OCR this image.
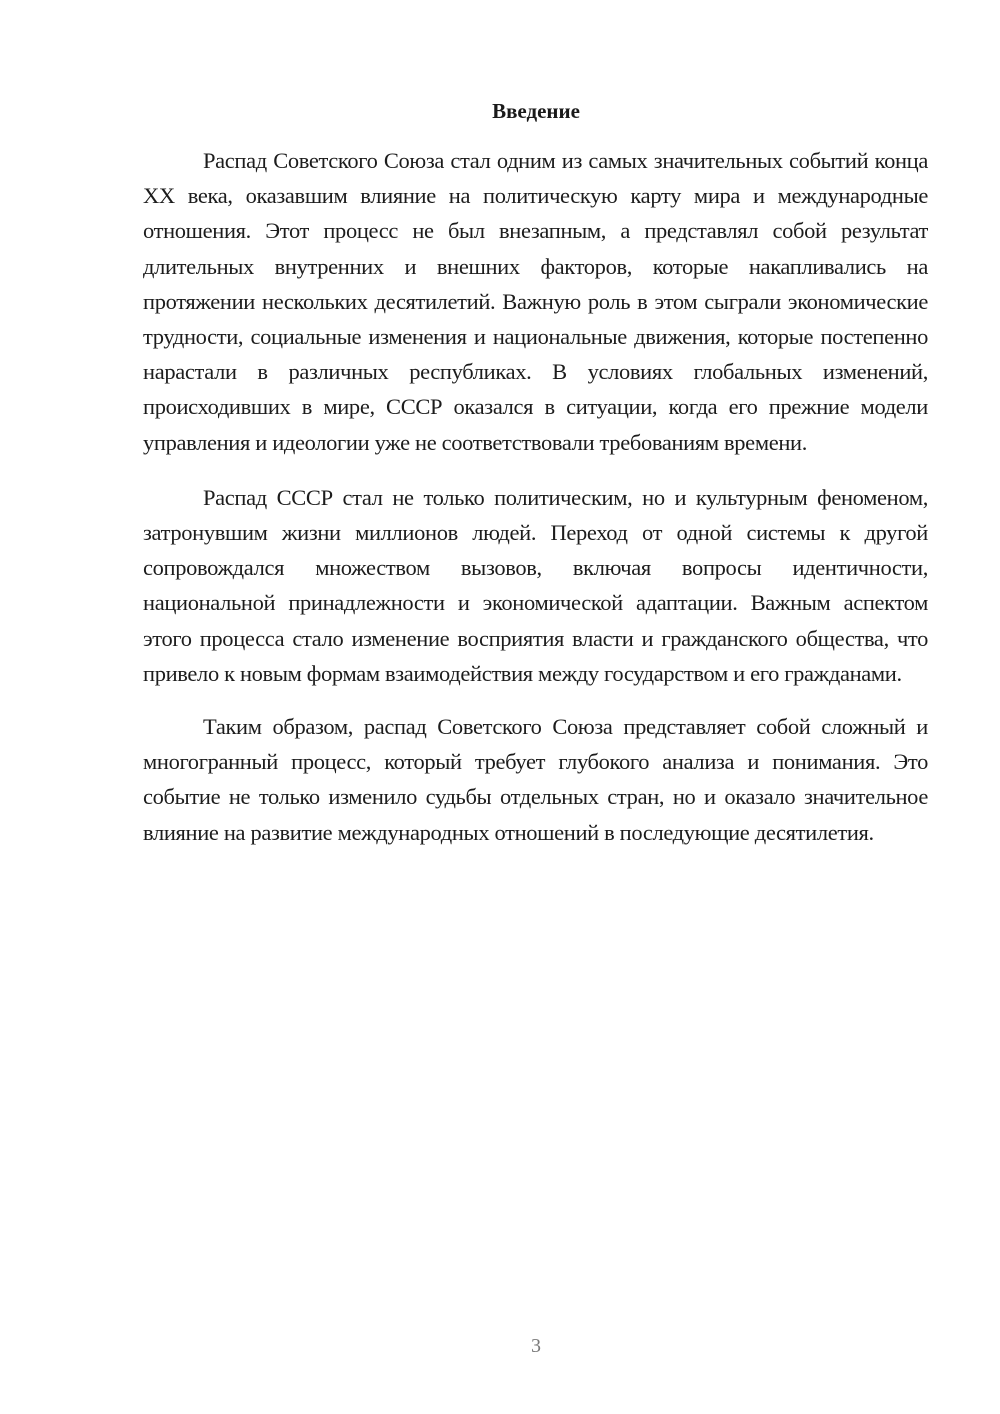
Введение

Распад Советского Союза стал одним из самых значительных событий конца XX века, оказавшим влияние на политическую карту мира и международные отношения. Этот процесс не был внезапным, а представлял собой результат длительных внутренних и внешних факторов, которые накапливались на протяжении нескольких десятилетий. Важную роль в этом сыграли экономические трудности, социальные изменения и национальные движения, которые постепенно нарастали в различных республиках. В условиях глобальных изменений, происходивших в мире, СССР оказался в ситуации, когда его прежние модели управления и идеологии уже не соответствовали требованиям времени.

Распад СССР стал не только политическим, но и культурным феноменом, затронувшим жизни миллионов людей. Переход от одной системы к другой сопровождался множеством вызовов, включая вопросы идентичности, национальной принадлежности и экономической адаптации. Важным аспектом этого процесса стало изменение восприятия власти и гражданского общества, что привело к новым формам взаимодействия между государством и его гражданами.

Таким образом, распад Советского Союза представляет собой сложный и многогранный процесс, который требует глубокого анализа и понимания. Это событие не только изменило судьбы отдельных стран, но и оказало значительное влияние на развитие международных отношений в последующие десятилетия.

3
